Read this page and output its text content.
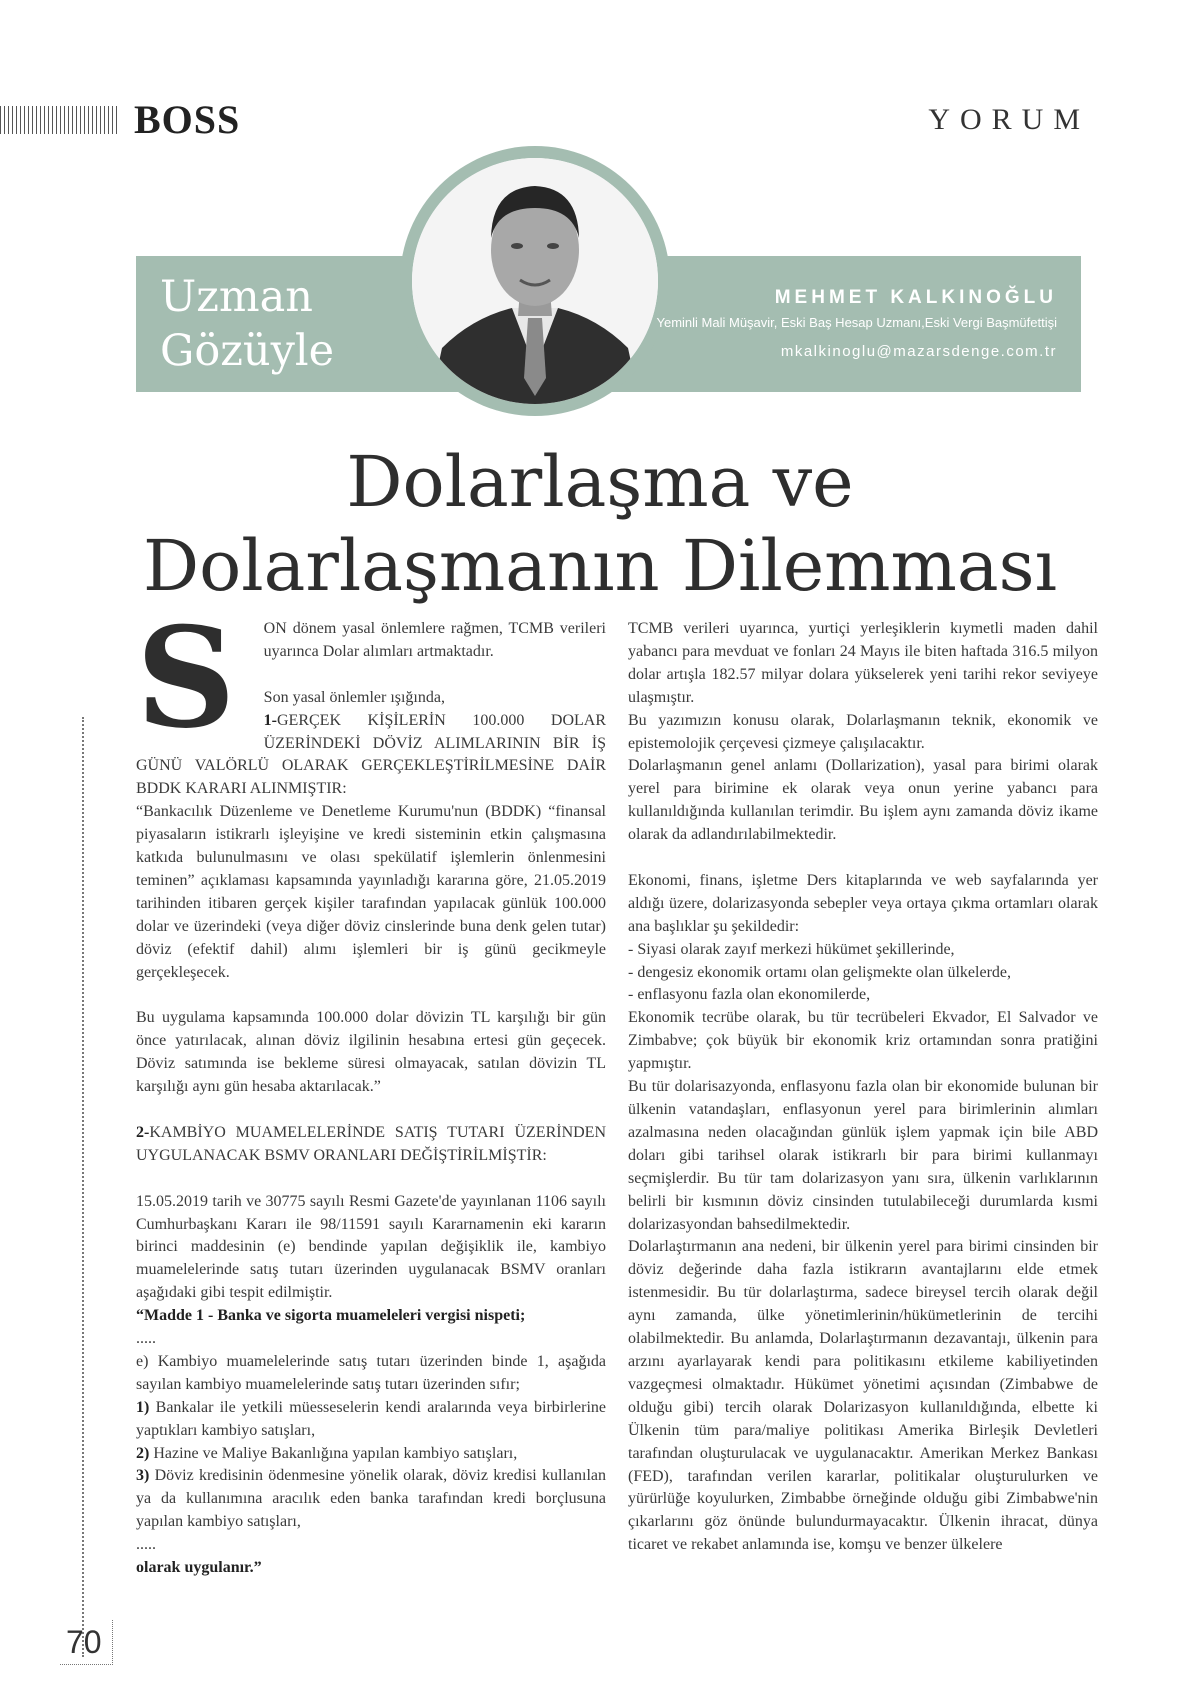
BOSS	YORUM
Uzman
Gözüyle
MEHMET KALKINOĞLU
Yeminli Mali Müşavir, Eski Baş Hesap Uzmanı,Eski Vergi Başmüfettişi
mkalkinoglu@mazarsdenge.com.tr
Dolarlaşma ve
Dolarlaşmanın Dilemması
S	ON dönem yasal önlemlere rağmen, TCMB verileri uyarınca Dolar alımları artmaktadır.

Son yasal önlemler ışığında,

1-GERÇEK KİŞİLERİN 100.000 DOLAR ÜZERİNDEKİ DÖVİZ ALIMLARININ BİR İŞ GÜNÜ VALÖRLÜ OLARAK GERÇEKLEŞTİRİLMESİNE DAİR BDDK KARARI ALINMIŞTIR:

“Bankacılık Düzenleme ve Denetleme Kurumu'nun (BDDK) “finansal piyasaların istikrarlı işleyişine ve kredi sisteminin etkin çalışmasına katkıda bulunulmasını ve olası spekülatif işlemlerin önlenmesini teminen” açıklaması kapsamında yayınladığı kararına göre, 21.05.2019 tarihinden itibaren gerçek kişiler tarafından yapılacak günlük 100.000 dolar ve üzerindeki (veya diğer döviz cinslerinde buna denk gelen tutar) döviz (efektif dahil) alımı işlemleri bir iş günü gecikmeyle gerçekleşecek.

Bu uygulama kapsamında 100.000 dolar dövizin TL karşılığı bir gün önce yatırılacak, alınan döviz ilgilinin hesabına ertesi gün geçecek. Döviz satımında ise bekleme süresi olmayacak, satılan dövizin TL karşılığı aynı gün hesaba aktarılacak.”

2-KAMBİYO MUAMELELERİNDE SATIŞ TUTARI ÜZERİNDEN UYGULANACAK BSMV ORANLARI DEĞİŞTİRİLMİŞTİR:

15.05.2019 tarih ve 30775 sayılı Resmi Gazete'de yayınlanan 1106 sayılı Cumhurbaşkanı Kararı ile 98/11591 sayılı Kararnamenin eki kararın birinci maddesinin (e) bendinde yapılan değişiklik ile, kambiyo muamelelerinde satış tutarı üzerinden uygulanacak BSMV oranları aşağıdaki gibi tespit edilmiştir.

“Madde 1 - Banka ve sigorta muameleleri vergisi nispeti;

.....

e) Kambiyo muamelelerinde satış tutarı üzerinden binde 1, aşağıda sayılan kambiyo muamelelerinde satış tutarı üzerinden sıfır;

1) Bankalar ile yetkili müesseselerin kendi aralarında veya birbirlerine yaptıkları kambiyo satışları,

2) Hazine ve Maliye Bakanlığına yapılan kambiyo satışları,

3) Döviz kredisinin ödenmesine yönelik olarak, döviz kredisi kullanılan ya da kullanımına aracılık eden banka tarafından kredi borçlusuna yapılan kambiyo satışları,

.....

olarak uygulanır.”

TCMB verileri uyarınca, yurtiçi yerleşiklerin kıymetli maden dahil yabancı para mevduat ve fonları 24 Mayıs ile biten haftada 316.5 milyon dolar artışla 182.57 milyar dolara yükselerek yeni tarihi rekor seviyeye ulaşmıştır.

Bu yazımızın konusu olarak, Dolarlaşmanın teknik, ekonomik ve epistemolojik çerçevesi çizmeye çalışılacaktır.

Dolarlaşmanın genel anlamı (Dollarization), yasal para birimi olarak yerel para birimine ek olarak veya onun yerine yabancı para kullanıldığında kullanılan terimdir. Bu işlem aynı zamanda döviz ikame olarak da adlandırılabilmektedir.

Ekonomi, finans, işletme Ders kitaplarında ve web sayfalarında yer aldığı üzere, dolarizasyonda sebepler veya ortaya çıkma ortamları olarak ana başlıklar şu şekildedir:

- Siyasi olarak zayıf merkezi hükümet şekillerinde,

- dengesiz ekonomik ortamı olan gelişmekte olan ülkelerde,

- enflasyonu fazla olan ekonomilerde,

Ekonomik tecrübe olarak, bu tür tecrübeleri Ekvador, El Salvador ve Zimbabve; çok büyük bir ekonomik kriz ortamından sonra pratiğini yapmıştır.

Bu tür dolarisazyonda, enflasyonu fazla olan bir ekonomide bulunan bir ülkenin vatandaşları, enflasyonun yerel para birimlerinin alımları azalmasına neden olacağından günlük işlem yapmak için bile ABD doları gibi tarihsel olarak istikrarlı bir para birimi kullanmayı seçmişlerdir. Bu tür tam dolarizasyon yanı sıra, ülkenin varlıklarının belirli bir kısmının döviz cinsinden tutulabileceği durumlarda kısmi dolarizasyondan bahsedilmektedir.

Dolarlaştırmanın ana nedeni, bir ülkenin yerel para birimi cinsinden bir döviz değerinde daha fazla istikrarın avantajlarını elde etmek istenmesidir. Bu tür dolarlaştırma, sadece bireysel tercih olarak değil aynı zamanda, ülke yönetimlerinin/hükümetlerinin de tercihi olabilmektedir. Bu anlamda, Dolarlaştırmanın dezavantajı, ülkenin para arzını ayarlayarak kendi para politikasını etkileme kabiliyetinden vazgeçmesi olmaktadır. Hükümet yönetimi açısından (Zimbabwe de olduğu gibi) tercih olarak Dolarizasyon kullanıldığında, elbette ki Ülkenin tüm para/maliye politikası Amerika Birleşik Devletleri tarafından oluşturulacak ve uygulanacaktır. Amerikan Merkez Bankası (FED), tarafından verilen kararlar, politikalar oluşturulurken ve yürürlüğe koyulurken, Zimbabbe örneğinde olduğu gibi Zimbabwe'nin çıkarlarını göz önünde bulundurmayacaktır. Ülkenin ihracat, dünya ticaret ve rekabet anlamında ise, komşu ve benzer ülkelere

70
